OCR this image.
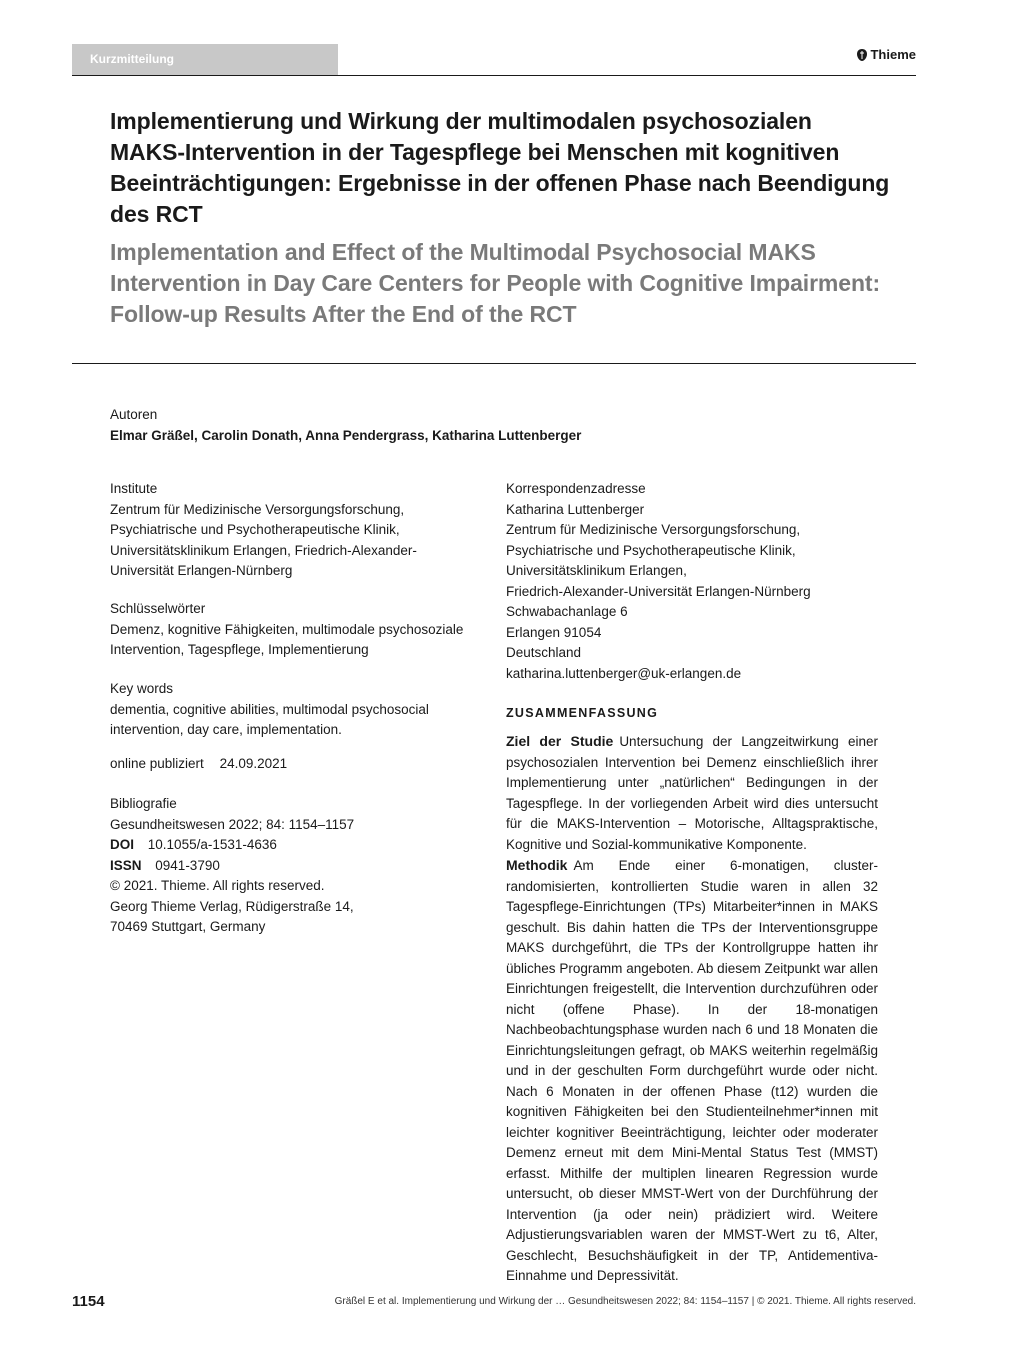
Kurzmitteilung	Thieme
Implementierung und Wirkung der multimodalen psychosozialen MAKS-Intervention in der Tagespflege bei Menschen mit kognitiven Beeinträchtigungen: Ergebnisse in der offenen Phase nach Beendigung des RCT
Implementation and Effect of the Multimodal Psychosocial MAKS Intervention in Day Care Centers for People with Cognitive Impairment: Follow-up Results After the End of the RCT

Autoren

Elmar Gräßel, Carolin Donath, Anna Pendergrass, Katharina Luttenberger

Institute

Zentrum für Medizinische Versorgungsforschung, Psychiatrische und Psychotherapeutische Klinik, Universitätsklinikum Erlangen, Friedrich-Alexander-Universität Erlangen-Nürnberg

Schlüsselwörter

Demenz, kognitive Fähigkeiten, multimodale psychosoziale Intervention, Tagespflege, Implementierung

Key words

dementia, cognitive abilities, multimodal psychosocial intervention, day care, implementation.

online publiziert 24.09.2021

Bibliografie

Gesundheitswesen 2022; 84: 1154–1157

DOI 10.1055/a-1531-4636

ISSN 0941-3790

© 2021. Thieme. All rights reserved.

Georg Thieme Verlag, Rüdigerstraße 14,

70469 Stuttgart, Germany

Korrespondenzadresse

Katharina Luttenberger

Zentrum für Medizinische Versorgungsforschung,

Psychiatrische und Psychotherapeutische Klinik,

Universitätsklinikum Erlangen,

Friedrich-Alexander-Universität Erlangen-Nürnberg

Schwabachanlage 6

Erlangen 91054

Deutschland

katharina.luttenberger@uk-erlangen.de

ZUSAMMENFASSUNG

Ziel der Studie Untersuchung der Langzeitwirkung einer psychosozialen Intervention bei Demenz einschließlich ihrer Implementierung unter „natürlichen“ Bedingungen in der Tagespflege. In der vorliegenden Arbeit wird dies untersucht für die MAKS-Intervention – Motorische, Alltagspraktische, Kognitive und Sozial-kommunikative Komponente.

Methodik Am Ende einer 6-monatigen, cluster-randomisierten, kontrollierten Studie waren in allen 32 Tagespflege-Einrichtungen (TPs) Mitarbeiter*innen in MAKS geschult. Bis dahin hatten die TPs der Interventionsgruppe MAKS durchgeführt, die TPs der Kontrollgruppe hatten ihr übliches Programm angeboten. Ab diesem Zeitpunkt war allen Einrichtungen freigestellt, die Intervention durchzuführen oder nicht (offene Phase). In der 18-monatigen Nachbeobachtungsphase wurden nach 6 und 18 Monaten die Einrichtungsleitungen gefragt, ob MAKS weiterhin regelmäßig und in der geschulten Form durchgeführt wurde oder nicht. Nach 6 Monaten in der offenen Phase (t12) wurden die kognitiven Fähigkeiten bei den Studienteilnehmer*innen mit leichter kognitiver Beeinträchtigung, leichter oder moderater Demenz erneut mit dem Mini-Mental Status Test (MMST) erfasst. Mithilfe der multiplen linearen Regression wurde untersucht, ob dieser MMST-Wert von der Durchführung der Intervention (ja oder nein) prädiziert wird. Weitere Adjustierungsvariablen waren der MMST-Wert zu t6, Alter, Geschlecht, Besuchshäufigkeit in der TP, Antidementiva-Einnahme und Depressivität.

1154	Gräßel E et al. Implementierung und Wirkung der … Gesundheitswesen 2022; 84: 1154–1157 | © 2021. Thieme. All rights reserved.
